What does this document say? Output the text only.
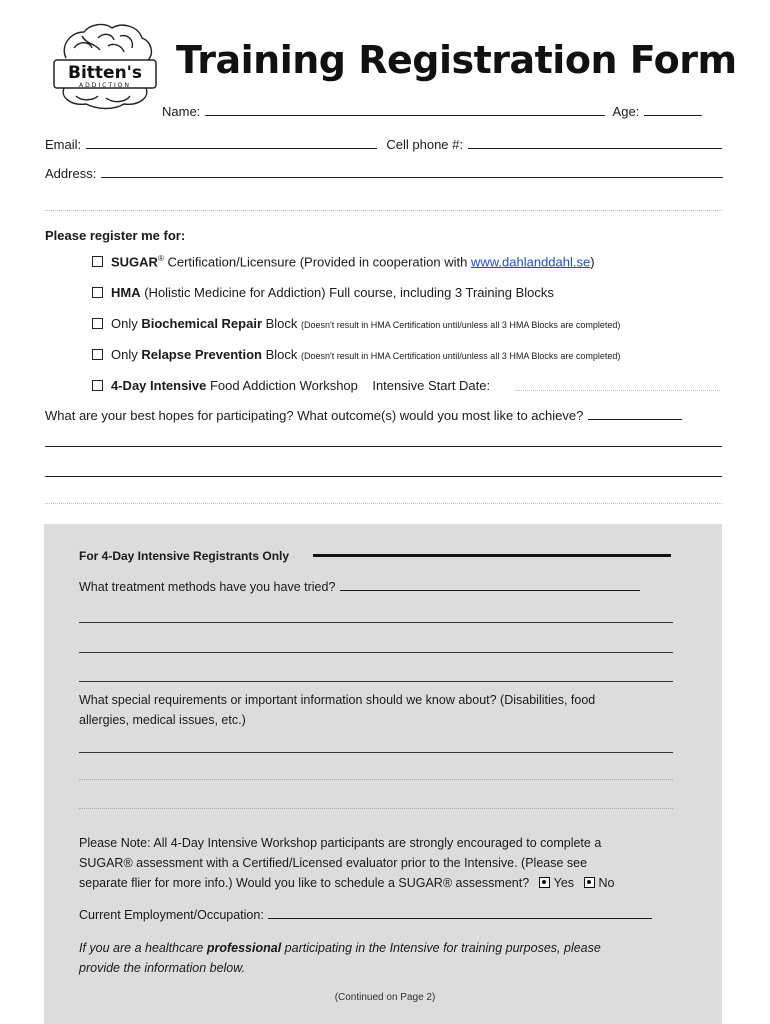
Bitten's
ADDICTION
Training Registration Form
Name:	Age:
Email:	Cell phone #:
Address:
Please register me for:
SUGAR® Certification/Licensure (Provided in cooperation with www.dahlanddahl.se)
HMA (Holistic Medicine for Addiction) Full course, including 3 Training Blocks
Only Biochemical Repair Block (Doesn't result in HMA Certification until/unless all 3 HMA Blocks are completed)
Only Relapse Prevention Block (Doesn't result in HMA Certification until/unless all 3 HMA Blocks are completed)
4-Day Intensive Food Addiction Workshop    Intensive Start Date:
What are your best hopes for participating? What outcome(s) would you most like to achieve?
For 4-Day Intensive Registrants Only
What treatment methods have you have tried?
What special requirements or important information should we know about? (Disabilities, food
allergies, medical issues, etc.)
Please Note: All 4-Day Intensive Workshop participants are strongly encouraged to complete a
SUGAR® assessment with a Certified/Licensed evaluator prior to the Intensive. (Please see
separate flier for more info.) Would you like to schedule a SUGAR® assessment? Yes No
Current Employment/Occupation:
If you are a healthcare professional participating in the Intensive for training purposes, please
provide the information below.
(Continued on Page 2)
